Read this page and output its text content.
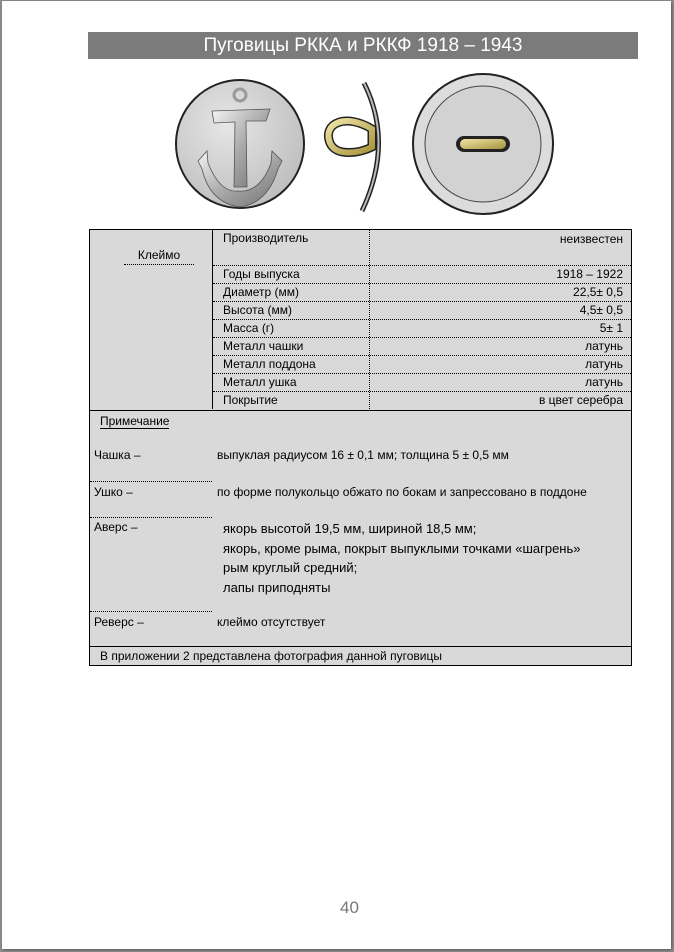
Пуговицы РККА и РККФ 1918 – 1943
Клеймо
Производитель	неизвестен
Годы выпуска	1918 – 1922
Диаметр (мм)	22,5± 0,5
Высота (мм)	4,5± 0,5
Масса (г)	5± 1
Металл чашки	латунь
Металл поддона	латунь
Металл ушка	латунь
Покрытие	в цвет серебра
Примечание
Чашка –	выпуклая радиусом 16 ± 0,1 мм; толщина 5 ± 0,5 мм
Ушко –	по форме полукольцо обжато по бокам и запрессовано в поддоне
Аверс –	якорь высотой 19,5 мм, шириной 18,5 мм;
якорь, кроме рыма, покрыт выпуклыми точками «шагрень»
рым круглый средний;
лапы приподняты
Реверс –	клеймо отсутствует
В приложении 2 представлена фотография данной пуговицы
40
